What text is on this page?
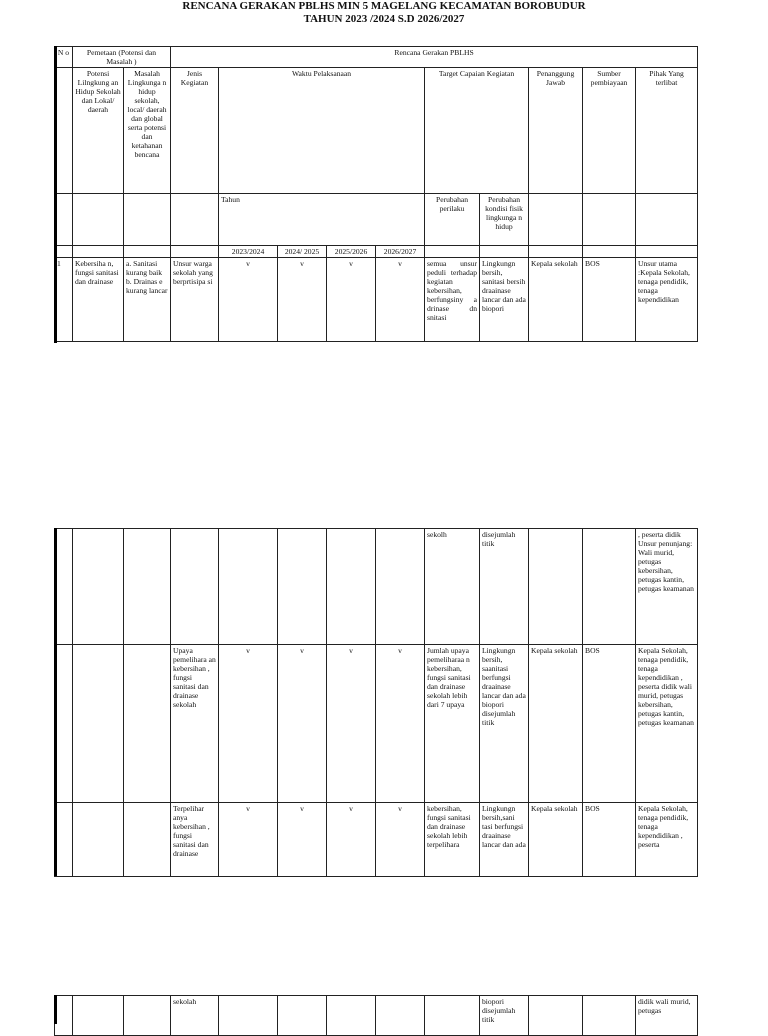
RENCANA GERAKAN PBLHS MIN 5 MAGELANG KECAMATAN BOROBUDUR
TAHUN 2023 /2024 S.D 2026/2027
N o	Pemetaan (Potensi dan Masalah )		Rencana Gerakan PBLHS									
	Potensi Lilngkung an Hidup Sekolah dan Lokal/ daerah	Masalah Lingkunga n hidup sekolah, local/ daerah dan global serta potensi dan ketahanan bencana	Jenis Kegiatan	Waktu Pelaksanaan				Target Capaian Kegiatan		Penanggung Jawab	Sumber pembiayaan	Pihak Yang terlibat
				Tahun				Perubahan perilaku	Perubahan kondisi fisik lingkunga n hidup			
				2023/2024	2024/ 2025	2025/2026	2026/2027					
1	Kebersiha n, fungsi sanitasi dan drainase	a. Sanitasi kurang baik b. Drainas e kurang lancar	Unsur warga sekolah yang berprtisipa si	v	v	v	v	semua unsur peduli terhadap kegiatan kebersihan, berfungsiny a drinase dn snitasi	Lingkungn bersih, sanitasi bersih draainase lancar dan ada biopori	Kepala sekolah	BOS	Unsur utama :Kepala Sekolah, tenaga pendidik, tenaga kependidikan
								sekolh	disejumlah titik			, peserta didik Unsur penunjang: Wali murid, petugas kebersihan, petugas kantin, petugas keamanan
			Upaya pemelihara an kebersihan , fungsi sanitasi dan drainase sekolah	v	v	v	v	Jumlah upaya pemeliharaa n kebersihan, fungsi sanitasi dan drainase sekolah lebih dari 7 upaya	Lingkungn bersih, saanitasi berfungsi draainase lancar dan ada biopori disejumlah titik	Kepala sekolah	BOS	Kepala Sekolah, tenaga pendidik, tenaga kependidikan , peserta didik wali murid, petugas kebersihan, petugas kantin, petugas keamanan
			Terpelihar anya kebersihan , fungsi sanitasi dan drainase	v	v	v	v	kebersihan, fungsi sanitasi dan drainase sekolah lebih terpelihara	Lingkungn bersih,sani tasi berfungsi draainase lancar dan ada	Kepala sekolah	BOS	Kepala Sekolah, tenaga pendidik, tenaga kependidikan , peserta
			sekolah						biopori disejumlah titik			didik wali murid, petugas
